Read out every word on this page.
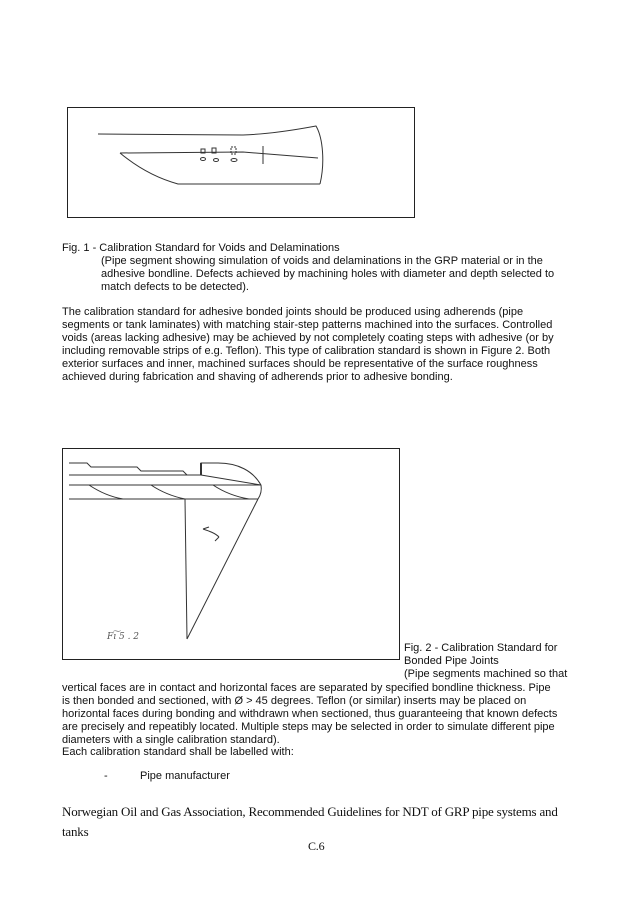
Fig. 1 - Calibration Standard for Voids and Delaminations
(Pipe segment showing simulation of voids and delaminations in the GRP material or in the
adhesive bondline. Defects achieved by machining holes with diameter and depth selected to
match defects to be detected).
The calibration standard for adhesive bonded joints should be produced using adherends (pipe
segments or tank laminates) with matching stair-step patterns machined into the surfaces. Controlled
voids (areas lacking adhesive) may be achieved by not completely coating steps with adhesive (or by
including removable strips of e.g. Teflon). This type of calibration standard is shown in Figure 2. Both
exterior surfaces and inner, machined surfaces should be representative of the surface roughness
achieved during fabrication and shaving of adherends prior to adhesive bonding.
Fı͠ 5 . 2
Fig. 2 - Calibration Standard for
Bonded Pipe Joints
(Pipe segments machined so that
vertical faces are in contact and horizontal faces are separated by specified bondline thickness. Pipe
is then bonded and sectioned, with Ø > 45 degrees. Teflon (or similar) inserts may be placed on
horizontal faces during bonding and withdrawn when sectioned, thus guaranteeing that known defects
are precisely and repeatibly located. Multiple steps may be selected in order to simulate different pipe
diameters with a single calibration standard).
Each calibration standard shall be labelled with:
-	Pipe manufacturer
Norwegian Oil and Gas Association, Recommended Guidelines for NDT of GRP pipe systems and
tanks
C.6
